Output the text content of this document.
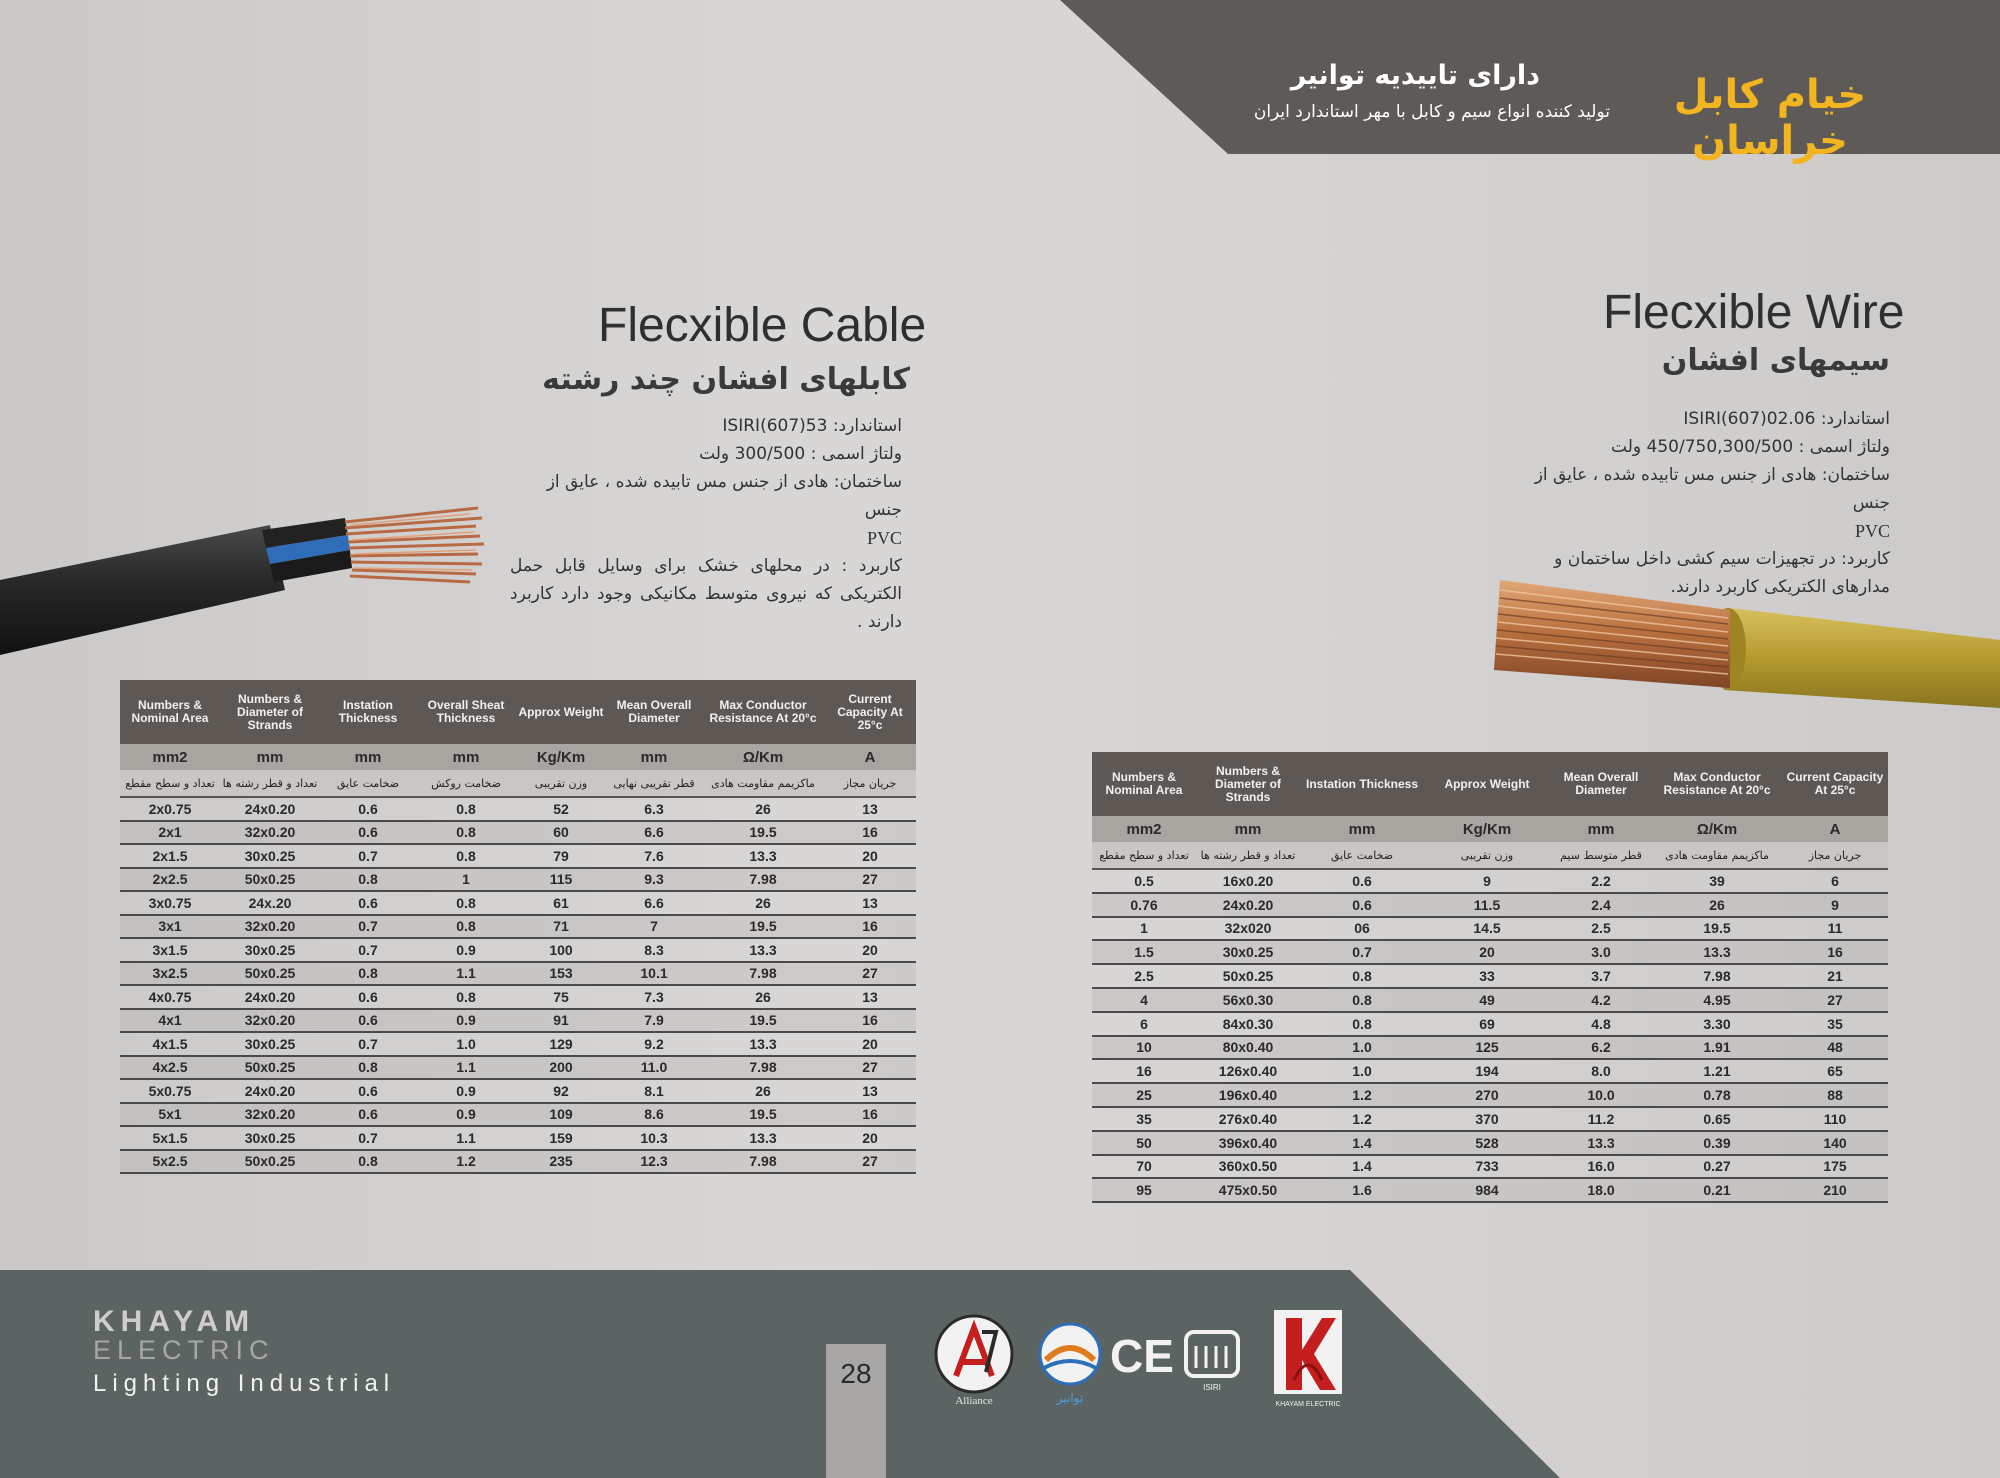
خیام کابل خراسان
دارای تاییدیه توانیر
تولید کننده انواع سیم و کابل با مهر استاندارد ایران
Flecxible Cable
کابلهای افشان چند رشته
استاندارد: ISIRI(607)53
ولتاژ اسمی : 300/500 ولت
ساختمان: هادی از جنس مس تابیده شده ، عایق از جنس
PVC
کاربرد : در محلهای خشک برای وسایل قابل حمل الکتریکی که نیروی متوسط مکانیکی وجود دارد کاربرد دارند .
Numbers & Nominal Area	Numbers & Diameter of Strands	Instation Thickness	Overall Sheat Thickness	Approx Weight	Mean Overall Diameter	Max Conductor Resistance At 20°c	Current Capacity At 25°c
mm2	mm	mm	mm	Kg/Km	mm	Ω/Km	A
تعداد و سطح مقطع	تعداد و قطر رشته ها	ضخامت عایق	ضخامت روکش	وزن تقریبی	قطر تقریبی نهایی	ماکزیمم مقاومت هادی	جریان مجاز
2x0.75	24x0.20	0.6	0.8	52	6.3	26	13
2x1	32x0.20	0.6	0.8	60	6.6	19.5	16
2x1.5	30x0.25	0.7	0.8	79	7.6	13.3	20
2x2.5	50x0.25	0.8	1	115	9.3	7.98	27
3x0.75	24x.20	0.6	0.8	61	6.6	26	13
3x1	32x0.20	0.7	0.8	71	7	19.5	16
3x1.5	30x0.25	0.7	0.9	100	8.3	13.3	20
3x2.5	50x0.25	0.8	1.1	153	10.1	7.98	27
4x0.75	24x0.20	0.6	0.8	75	7.3	26	13
4x1	32x0.20	0.6	0.9	91	7.9	19.5	16
4x1.5	30x0.25	0.7	1.0	129	9.2	13.3	20
4x2.5	50x0.25	0.8	1.1	200	11.0	7.98	27
5x0.75	24x0.20	0.6	0.9	92	8.1	26	13
5x1	32x0.20	0.6	0.9	109	8.6	19.5	16
5x1.5	30x0.25	0.7	1.1	159	10.3	13.3	20
5x2.5	50x0.25	0.8	1.2	235	12.3	7.98	27
Flecxible Wire
سیمهای افشان
استاندارد: ISIRI(607)02.06
ولتاژ اسمی : 450/750,300/500 ولت
ساختمان: هادی از جنس مس تابیده شده ، عایق از جنس
PVC
کاربرد: در تجهیزات سیم کشی داخل ساختمان و مدارهای الکتریکی کاربرد دارند.
Numbers & Nominal Area	Numbers & Diameter of Strands	Instation Thickness	Approx Weight	Mean Overall Diameter	Max Conductor Resistance At 20°c	Current Capacity At 25°c
mm2	mm	mm	Kg/Km	mm	Ω/Km	A
تعداد و سطح مقطع	تعداد و قطر رشته ها	ضخامت عایق	وزن تقریبی	قطر متوسط سیم	ماکزیمم مقاومت هادی	جریان مجاز
0.5	16x0.20	0.6	9	2.2	39	6
0.76	24x0.20	0.6	11.5	2.4	26	9
1	32x020	06	14.5	2.5	19.5	11
1.5	30x0.25	0.7	20	3.0	13.3	16
2.5	50x0.25	0.8	33	3.7	7.98	21
4	56x0.30	0.8	49	4.2	4.95	27
6	84x0.30	0.8	69	4.8	3.30	35
10	80x0.40	1.0	125	6.2	1.91	48
16	126x0.40	1.0	194	8.0	1.21	65
25	196x0.40	1.2	270	10.0	0.78	88
35	276x0.40	1.2	370	11.2	0.65	110
50	396x0.40	1.4	528	13.3	0.39	140
70	360x0.50	1.4	733	16.0	0.27	175
95	475x0.50	1.6	984	18.0	0.21	210
KHAYAM
ELECTRIC
Lighting Industrial	28
Alliance	توانیر
CE
ISIRI
KHAYAM ELECTRIC
